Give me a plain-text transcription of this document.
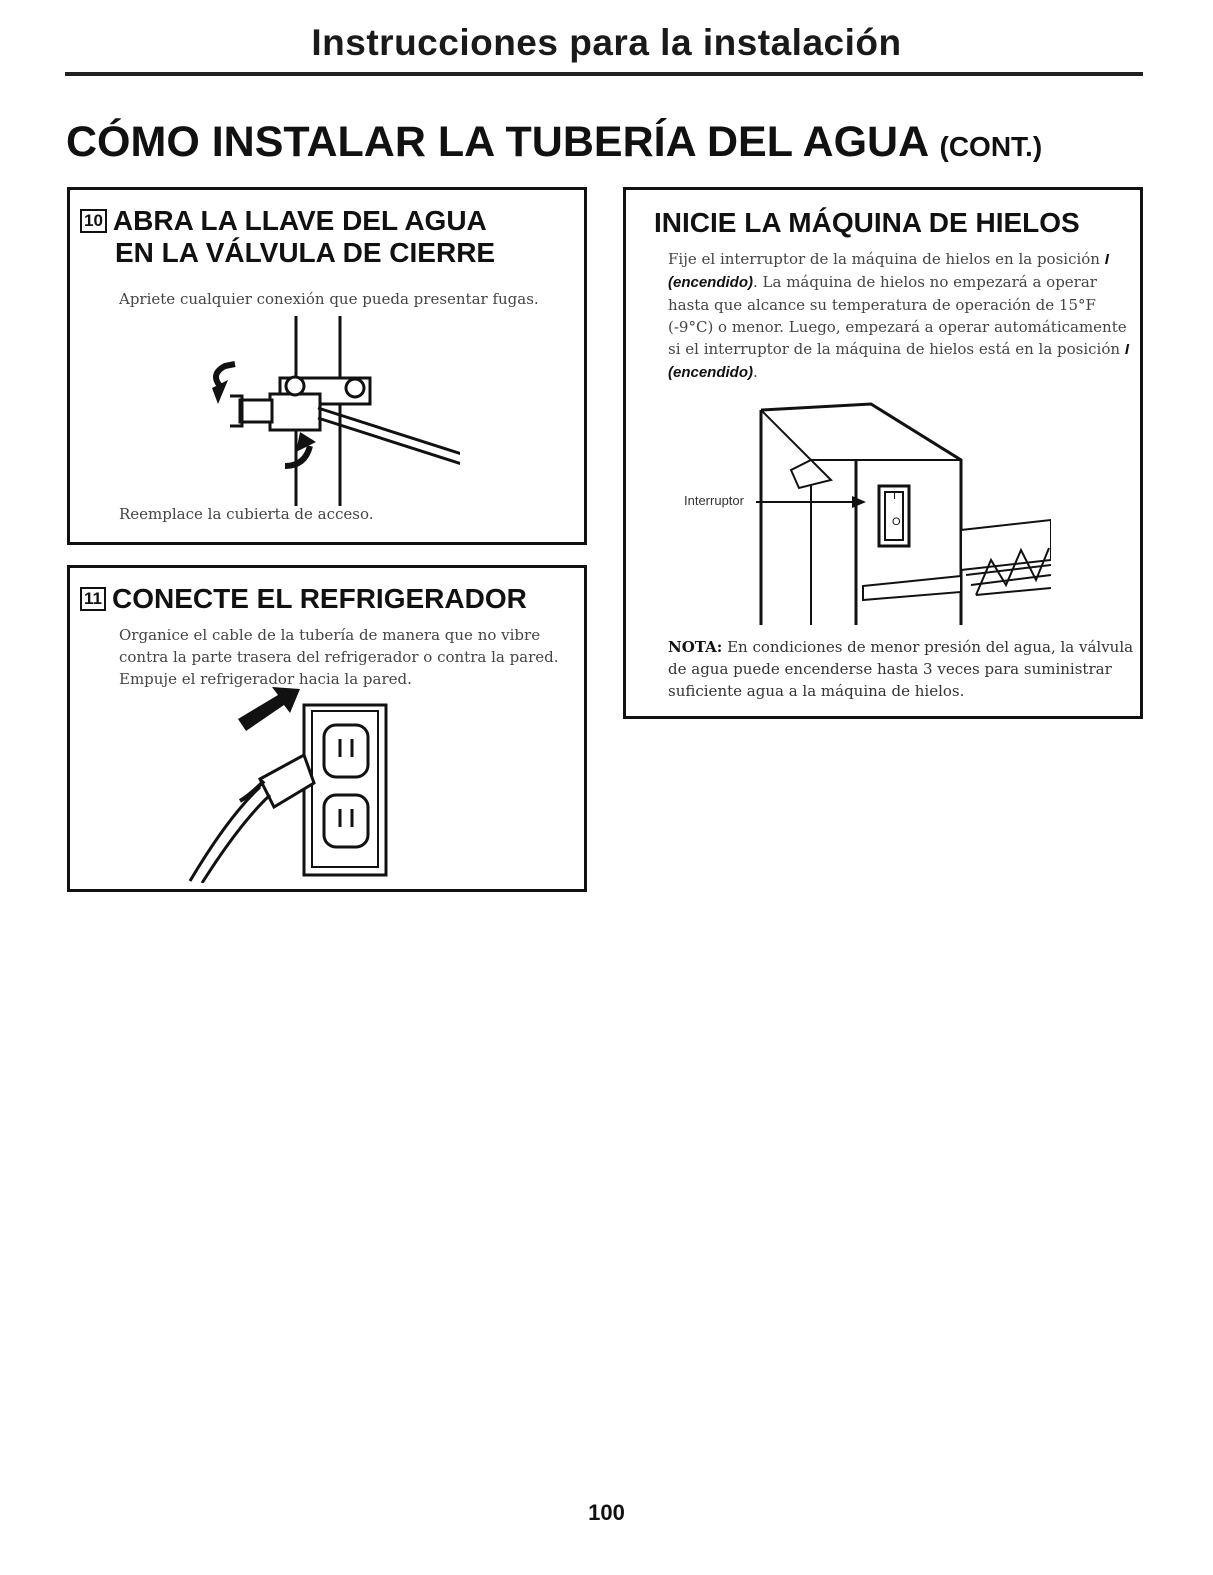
Instrucciones para la instalación
CÓMO INSTALAR LA TUBERÍA DEL AGUA (CONT.)
10 ABRA LA LLAVE DEL AGUA
EN LA VÁLVULA DE CIERRE
Apriete cualquier conexión que pueda presentar fugas.
Reemplace la cubierta de acceso.
11 CONECTE EL REFRIGERADOR
Organice el cable de la tubería de manera que no vibre contra la parte trasera del refrigerador o contra la pared. Empuje el refrigerador hacia la pared.
INICIE LA MÁQUINA DE HIELOS
Fije el interruptor de la máquina de hielos en la posición I (encendido). La máquina de hielos no empezará a operar hasta que alcance su temperatura de operación de 15°F (-9°C) o menor. Luego, empezará a operar automáticamente si el interruptor de la máquina de hielos está en la posición I (encendido).
Interruptor	I
O
NOTA: En condiciones de menor presión del agua, la válvula de agua puede encenderse hasta 3 veces para suministrar suficiente agua a la máquina de hielos.
100
